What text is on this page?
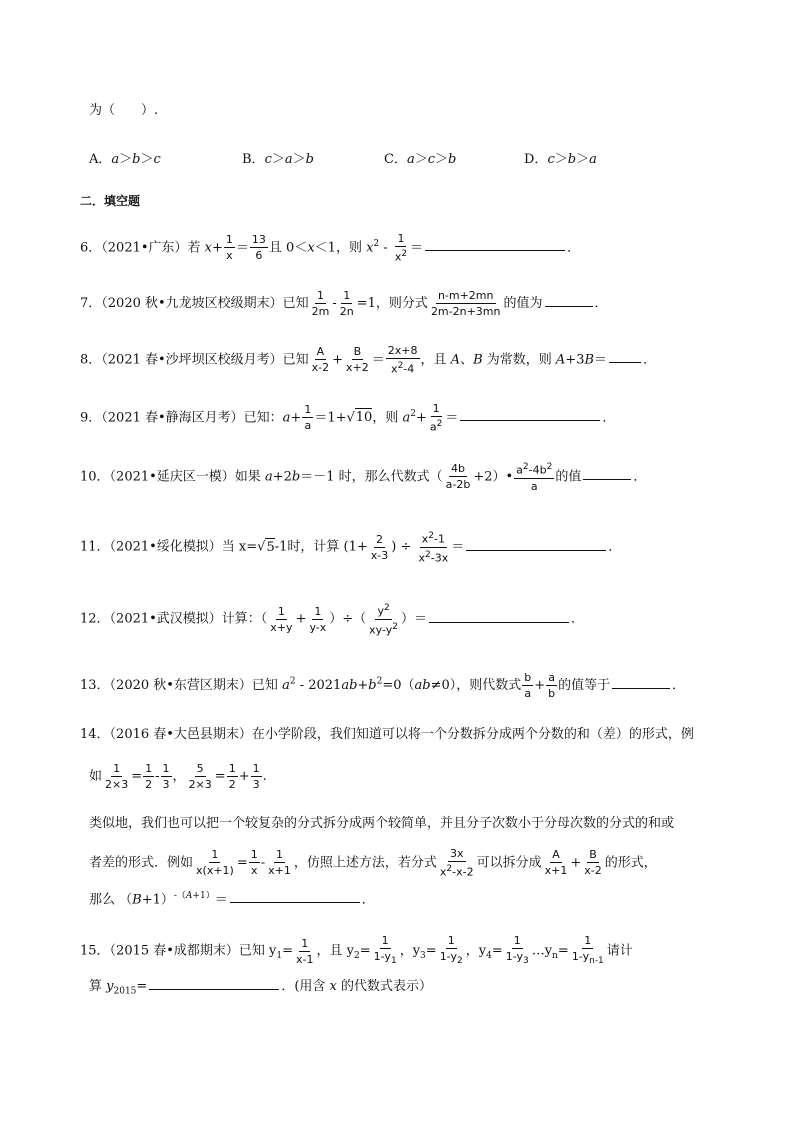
为（　　）.
A．a＞b＞c	B．c＞a＞b	C．a＞c＞b	D．c＞b＞a
二．填空题
6．（2021•广东）若 $x+ \frac{1}{x} = \frac{13}{6}$ 且 0＜x＜1，则 $x^2 - \frac{1}{x^2}$ ＝	．
7．（2020 秋•九龙坡区校级期末）已知 $\frac{1}{2m} - \frac{1}{2n} =1$，则分式 $\frac{n-m+2mn}{2m-2n+3mn}$ 的值为	．
8．（2021 春•沙坪坝区校级月考）已知 $\frac{A}{x-2} + \frac{B}{x+2} = \frac{2x+8}{x^2-4}$ ，且 A、B 为常数，则 A+3B＝	．
9．（2021 春•静海区月考）已知：$a+ \frac{1}{a} =1+√10$，则 $a^2+ \frac{1}{a^2}$ ＝	．
10．（2021•延庆区一模）如果 a+2b＝－1 时，那么代数式（ $\frac{4b}{a-2b}$ +2）• $\frac{a^2-4b^2}{a}$ 的值	．
11．（2021•绥化模拟）当 x=√5-1时，计算 ($1+ \frac{2}{x-3}$ ) ÷ $\frac{x^2-1}{x^2-3x}$ ＝	．
12．（2021•武汉模拟）计算：（ $\frac{1}{x+y} + \frac{1}{y-x}$ ）÷（ $\frac{y^2}{xy-y^2}$ ）＝	．
13．（2020 秋•东营区期末）已知 $a^2 - 2021ab+b^2=0(ab\ne 0)$，则代数式 $\frac{b}{a} + \frac{a}{b}$ 的值等于	．
14．（2016 春•大邑县期末）在小学阶段，我们知道可以将一个分数拆分成两个分数的和（差）的形式，例
如 $\frac{1}{2\times 3} = \frac{1}{2} - \frac{1}{3}$ ， $\frac{5}{2\times 3} = \frac{1}{2} + \frac{1}{3}$ .
类似地，我们也可以把一个较复杂的分式拆分成两个较简单，并且分子次数小于分母次数的分式的和或
者差的形式．例如 $\frac{1}{x(x+1)} = \frac{1}{x} - \frac{1}{x+1}$ ，仿照上述方法，若分式 $\frac{3x}{x^2-x-2}$ 可以拆分成 $\frac{A}{x+1} + \frac{B}{x-2}$ 的形式，
那么 $(B+1)^{-(A+1)}=$	．
15．（2015 春•成都期末）已知 $y_1= \frac{1}{x-1}$ ，且 $y_2= \frac{1}{1-y_1}$ ，$y_3= \frac{1}{1-y_2}$ ，$y_4= \frac{1}{1-y_3}$ $\dots y_n= \frac{1}{1-y_{n-1}}$ 请计
算 $y_{2015}=$	．(用含 x 的代数式表示）
